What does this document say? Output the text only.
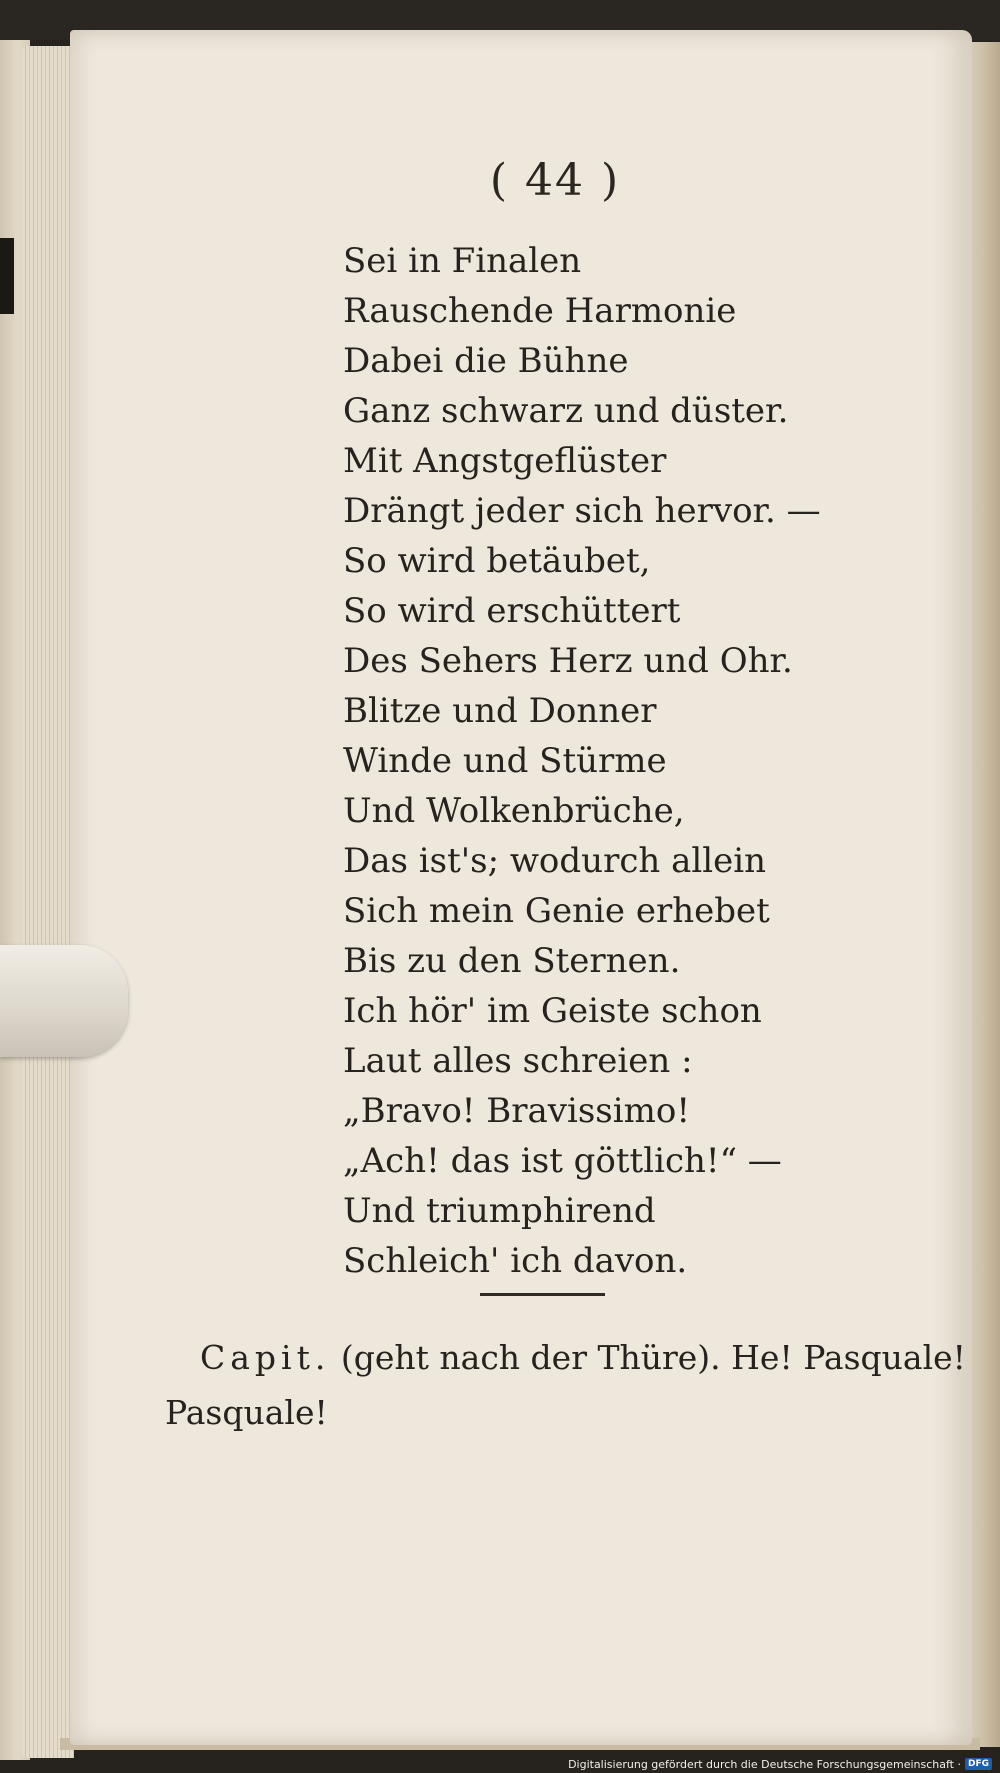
( 44 )
Sei in Finalen
Rauschende Harmonie
Dabei die Bühne
Ganz schwarz und düster.
Mit Angstgeflüster
Drängt jeder sich hervor. —
So wird betäubet,
So wird erschüttert
Des Sehers Herz und Ohr.
Blitze und Donner
Winde und Stürme
Und Wolkenbrüche,
Das ist's; wodurch allein
Sich mein Genie erhebet
Bis zu den Sternen.
Ich hör' im Geiste schon
Laut alles schreien :
„Bravo! Bravissimo!
„Ach! das ist göttlich!“ —
Und triumphirend
Schleich' ich davon.
Capit. (geht nach der Thüre). He! Pasquale!
Pasquale!
Digitalisierung gefördert durch die Deutsche Forschungsgemeinschaft · DFG
